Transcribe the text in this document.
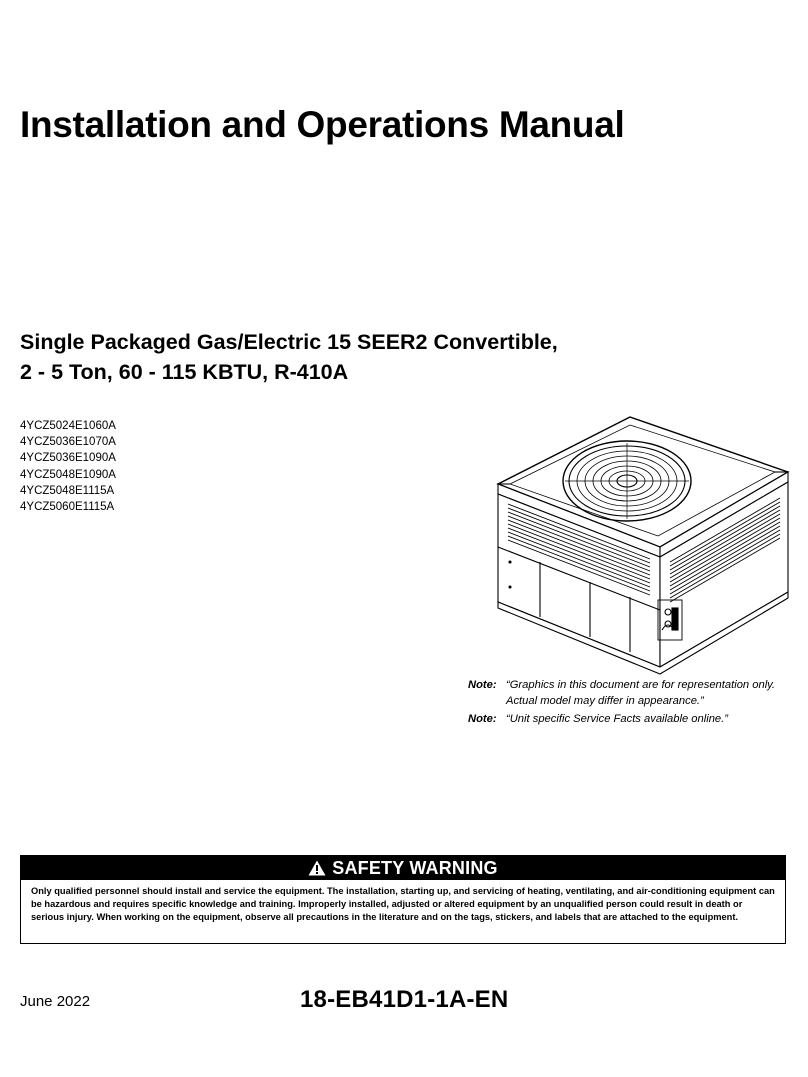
Installation and Operations Manual
Single Packaged Gas/Electric 15 SEER2 Convertible,
2 - 5 Ton, 60 - 115 KBTU, R-410A
4YCZ5024E1060A
4YCZ5036E1070A
4YCZ5036E1090A
4YCZ5048E1090A
4YCZ5048E1115A
4YCZ5060E1115A
Note: “Graphics in this document are for representation only. Actual model may differ in appearance.”
Note: “Unit specific Service Facts available online.”
SAFETY WARNING
Only qualified personnel should install and service the equipment. The installation, starting up, and servicing of heating, ventilating, and air-conditioning equipment can be hazardous and requires specific knowledge and training. Improperly installed, adjusted or altered equipment by an unqualified person could result in death or serious injury. When working on the equipment, observe all precautions in the literature and on the tags, stickers, and labels that are attached to the equipment.
June 2022	18-EB41D1-1A-EN
